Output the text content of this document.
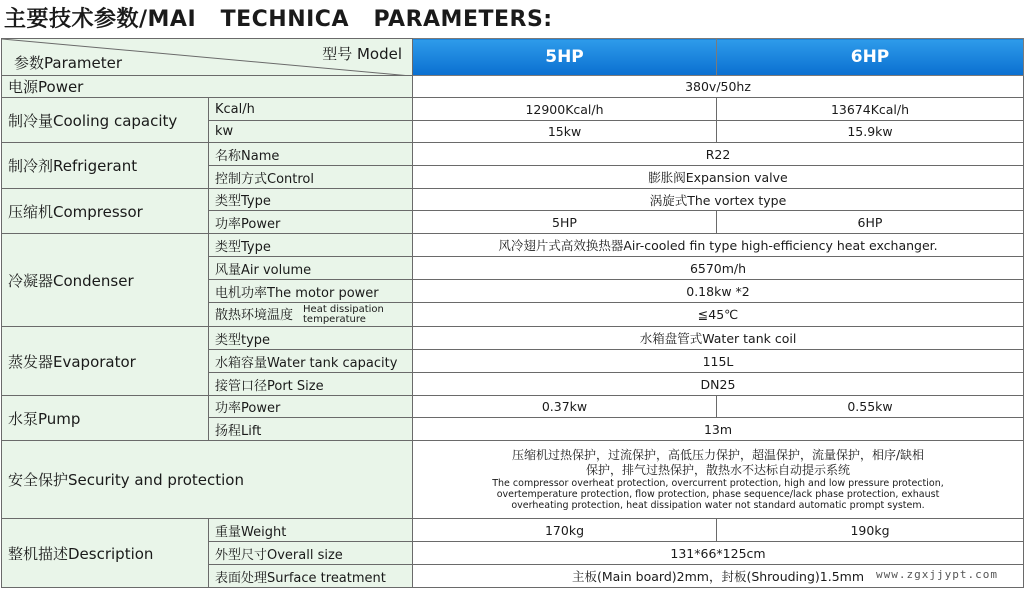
主要技术参数/MAI   TECHNICA   PARAMETERS:
型号 Model
参数Parameter		5HP	6HP
电源Power		380v/50hz	
制冷量Cooling capacity	Kcal/h	12900Kcal/h	13674Kcal/h
	kw	15kw	15.9kw
制冷剂Refrigerant	名称Name	R22	
	控制方式Control	膨胀阀Expansion valve	
压缩机Compressor	类型Type	涡旋式The vortex type	
	功率Power	5HP	6HP
冷凝器Condenser	类型Type	风冷翅片式高效换热器Air-cooled fin type high-efficiency heat exchanger.	
	风量Air volume	6570m/h	
	电机功率The motor power	0.18kw *2	
	散热环境温度 Heat dissipation
temperature	≦45℃	
蒸发器Evaporator	类型type	水箱盘管式Water tank coil	
	水箱容量Water tank capacity	115L	
	接管口径Port Size	DN25	
水泵Pump	功率Power	0.37kw	0.55kw
	扬程Lift	13m	
安全保护Security and protection		压缩机过热保护，过流保护，高低压力保护，超温保护，流量保护，相序/缺相
保护，排气过热保护，散热水不达标自动提示系统
The compressor overheat protection, overcurrent protection, high and low pressure protection,
overtemperature protection, flow protection, phase sequence/lack phase protection, exhaust
overheating protection, heat dissipation water not standard automatic prompt system.	

整机描述Description	重量Weight	170kg	190kg
	外型尺寸Overall size	131*66*125cm	
	表面处理Surface treatment	主板(Main board)2mm，封板(Shrouding)1.5mm	www.zgxjjypt.com
